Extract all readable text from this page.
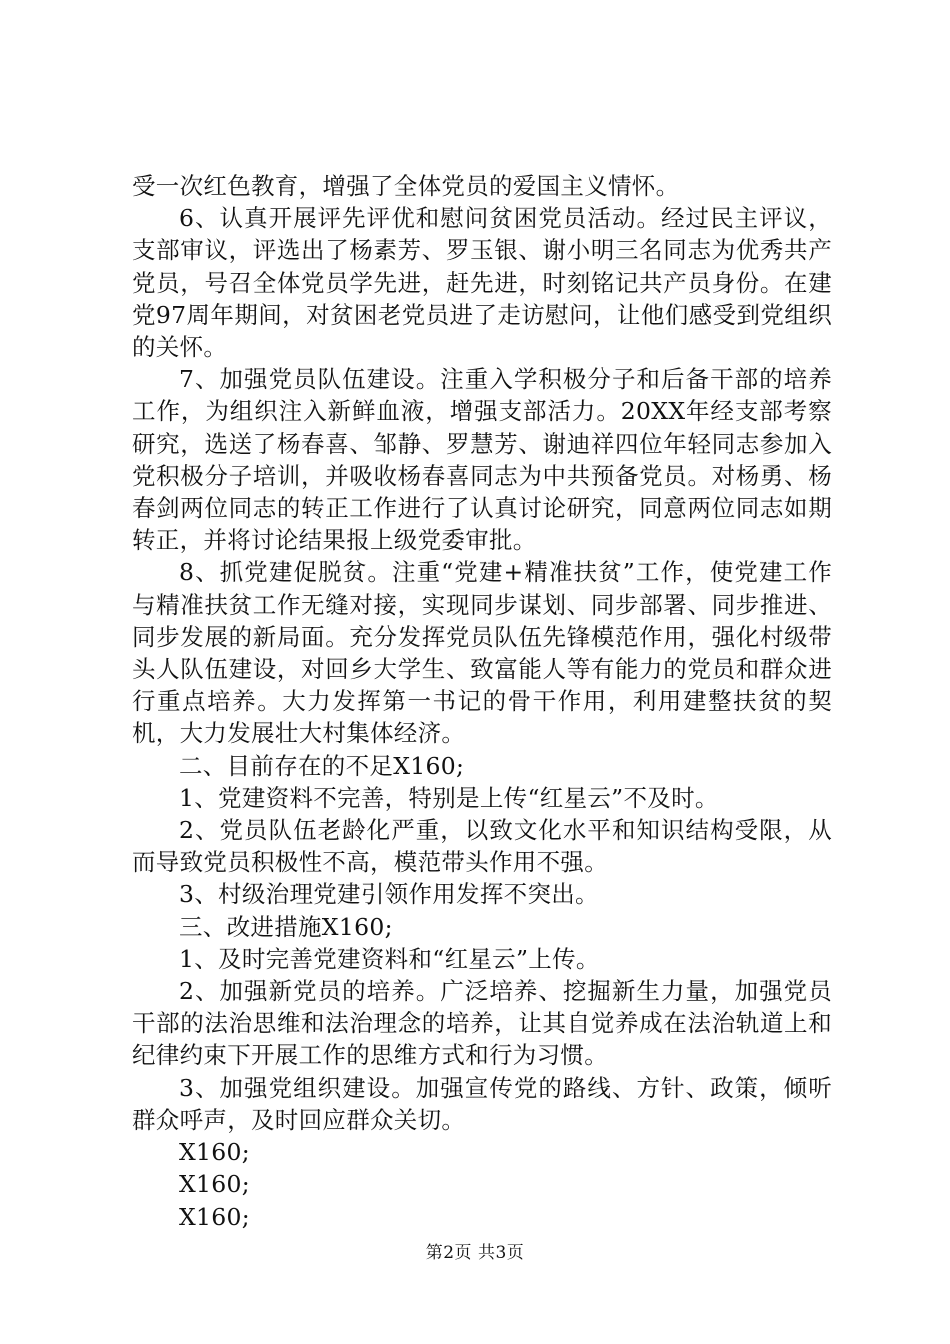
受一次红色教育，增强了全体党员的爱国主义情怀。

6、认真开展评先评优和慰问贫困党员活动。经过民主评议，支部审议，评选出了杨素芳、罗玉银、谢小明三名同志为优秀共产党员，号召全体党员学先进，赶先进，时刻铭记共产员身份。在建党97周年期间，对贫困老党员进了走访慰问，让他们感受到党组织的关怀。

7、加强党员队伍建设。注重入学积极分子和后备干部的培养工作，为组织注入新鲜血液，增强支部活力。20XX年经支部考察研究，选送了杨春喜、邹静、罗慧芳、谢迪祥四位年轻同志参加入党积极分子培训，并吸收杨春喜同志为中共预备党员。对杨勇、杨春剑两位同志的转正工作进行了认真讨论研究，同意两位同志如期转正，并将讨论结果报上级党委审批。

8、抓党建促脱贫。注重“党建+精准扶贫”工作，使党建工作与精准扶贫工作无缝对接，实现同步谋划、同步部署、同步推进、同步发展的新局面。充分发挥党员队伍先锋模范作用，强化村级带头人队伍建设，对回乡大学生、致富能人等有能力的党员和群众进行重点培养。大力发挥第一书记的骨干作用，利用建整扶贫的契机，大力发展壮大村集体经济。

二、目前存在的不足X160;

1、党建资料不完善，特别是上传“红星云”不及时。

2、党员队伍老龄化严重，以致文化水平和知识结构受限，从而导致党员积极性不高，模范带头作用不强。

3、村级治理党建引领作用发挥不突出。

三、改进措施X160;

1、及时完善党建资料和“红星云”上传。

2、加强新党员的培养。广泛培养、挖掘新生力量，加强党员干部的法治思维和法治理念的培养，让其自觉养成在法治轨道上和纪律约束下开展工作的思维方式和行为习惯。

3、加强党组织建设。加强宣传党的路线、方针、政策，倾听群众呼声，及时回应群众关切。

X160;

X160;

X160;

第2页 共3页
